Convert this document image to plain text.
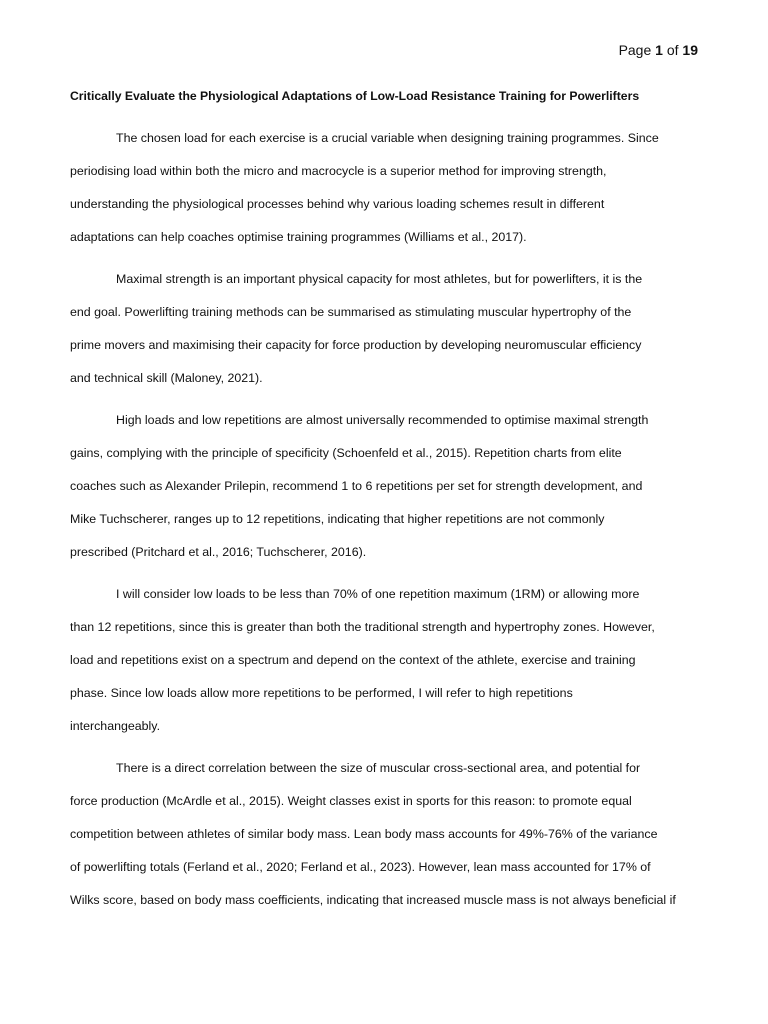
Page 1 of 19
Critically Evaluate the Physiological Adaptations of Low-Load Resistance Training for Powerlifters
The chosen load for each exercise is a crucial variable when designing training programmes. Since
periodising load within both the micro and macrocycle is a superior method for improving strength,
understanding the physiological processes behind why various loading schemes result in different
adaptations can help coaches optimise training programmes (Williams et al., 2017).
Maximal strength is an important physical capacity for most athletes, but for powerlifters, it is the
end goal. Powerlifting training methods can be summarised as stimulating muscular hypertrophy of the
prime movers and maximising their capacity for force production by developing neuromuscular efficiency
and technical skill (Maloney, 2021).
High loads and low repetitions are almost universally recommended to optimise maximal strength
gains, complying with the principle of specificity (Schoenfeld et al., 2015). Repetition charts from elite
coaches such as Alexander Prilepin, recommend 1 to 6 repetitions per set for strength development, and
Mike Tuchscherer, ranges up to 12 repetitions, indicating that higher repetitions are not commonly
prescribed (Pritchard et al., 2016; Tuchscherer, 2016).
I will consider low loads to be less than 70% of one repetition maximum (1RM) or allowing more
than 12 repetitions, since this is greater than both the traditional strength and hypertrophy zones. However,
load and repetitions exist on a spectrum and depend on the context of the athlete, exercise and training
phase. Since low loads allow more repetitions to be performed, I will refer to high repetitions
interchangeably.
There is a direct correlation between the size of muscular cross-sectional area, and potential for
force production (McArdle et al., 2015). Weight classes exist in sports for this reason: to promote equal
competition between athletes of similar body mass. Lean body mass accounts for 49%-76% of the variance
of powerlifting totals (Ferland et al., 2020; Ferland et al., 2023). However, lean mass accounted for 17% of
Wilks score, based on body mass coefficients, indicating that increased muscle mass is not always beneficial if
